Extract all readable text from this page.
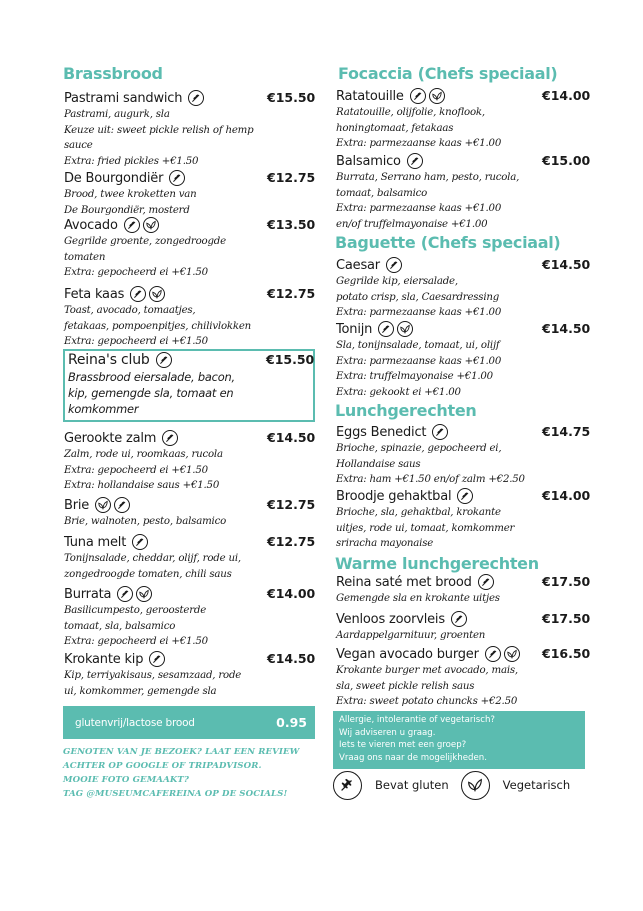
Brassbrood
Pastrami sandwich	€15.50
Pastrami, augurk, sla
Keuze uit: sweet pickle relish of hemp
sauce
Extra: fried pickles +€1.50
De Bourgondiër	€12.75
Brood, twee kroketten van
De Bourgondiër, mosterd
Avocado	€13.50
Gegrilde groente, zongedroogde
tomaten
Extra: gepocheerd ei +€1.50
Feta kaas	€12.75
Toast, avocado, tomaatjes,
fetakaas, pompoenpitjes, chilivlokken
Extra: gepocheerd ei +€1.50
Reina's club	€15.50
Brassbrood eiersalade, bacon,
kip, gemengde sla, tomaat en
komkommer
Gerookte zalm	€14.50
Zalm, rode ui, roomkaas, rucola
Extra: gepocheerd ei +€1.50
Extra: hollandaise saus +€1.50
Brie	€12.75
Brie, walnoten, pesto, balsamico
Tuna melt	€12.75
Tonijnsalade, cheddar, olijf, rode ui,
zongedroogde tomaten, chili saus
Burrata	€14.00
Basilicumpesto, geroosterde
tomaat, sla, balsamico
Extra: gepocheerd ei +€1.50
Krokante kip	€14.50
Kip, terriyakisaus, sesamzaad, rode
ui, komkommer, gemengde sla
glutenvrij/lactose brood	0.95
GENOTEN VAN JE BEZOEK? LAAT EEN REVIEW
ACHTER OP GOOGLE OF TRIPADVISOR.
MOOIE FOTO GEMAAKT?
TAG @MUSEUMCAFEREINA OP DE SOCIALS!
Focaccia (Chefs speciaal)
Ratatouille	€14.00
Ratatouille, olijfolie, knoflook,
honingtomaat, fetakaas
Extra: parmezaanse kaas +€1.00
Balsamico	€15.00
Burrata, Serrano ham, pesto, rucola,
tomaat, balsamico
Extra: parmezaanse kaas +€1.00
en/of truffelmayonaise +€1.00
Baguette (Chefs speciaal)
Caesar	€14.50
Gegrilde kip, eiersalade,
potato crisp, sla, Caesardressing
Extra: parmezaanse kaas +€1.00
Tonijn	€14.50
Sla, tonijnsalade, tomaat, ui, olijf
Extra: parmezaanse kaas +€1.00
Extra: truffelmayonaise +€1.00
Extra: gekookt ei +€1.00
Lunchgerechten
Eggs Benedict	€14.75
Brioche, spinazie, gepocheerd ei,
Hollandaise saus
Extra: ham +€1.50 en/of zalm +€2.50
Broodje gehaktbal	€14.00
Brioche, sla, gehaktbal, krokante
uitjes, rode ui, tomaat, komkommer
sriracha mayonaise
Warme lunchgerechten
Reina saté met brood	€17.50
Gemengde sla en krokante uitjes
Venloos zoorvleis	€17.50
Aardappelgarnituur, groenten
Vegan avocado burger	€16.50
Krokante burger met avocado, mais,
sla, sweet pickle relish saus
Extra: sweet potato chuncks +€2.50
Allergie, intolerantie of vegetarisch?
Wij adviseren u graag.
Iets te vieren met een groep?
Vraag ons naar de mogelijkheden.
Bevat gluten	Vegetarisch
